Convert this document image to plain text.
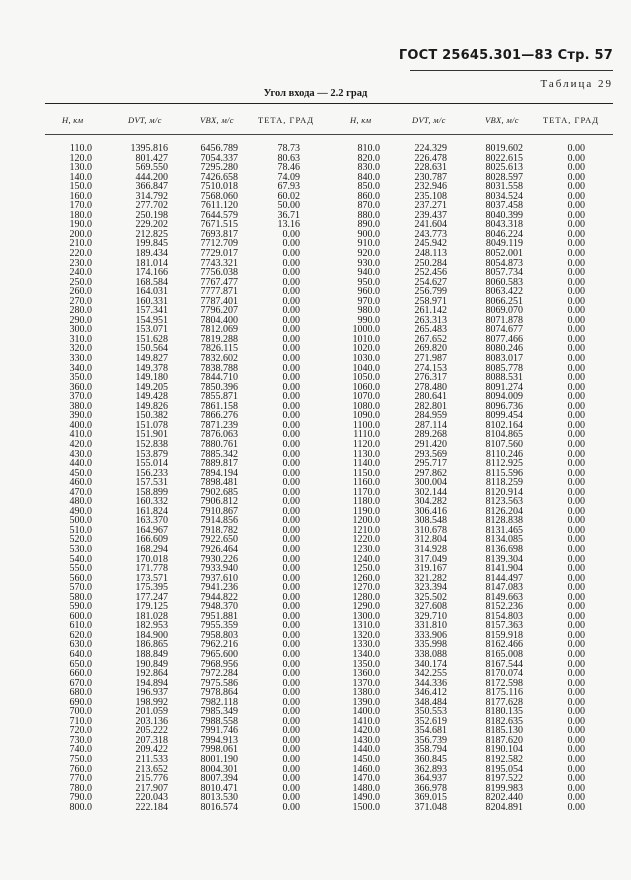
ГОСТ 25645.301—83 Стр. 57
Таблица 29
Угол входа — 2.2 град
H, км	DVT, м/с	VBX, м/с	ТЕТА, ГРАД	H, км	DVT, м/с	VBX, м/с	ТЕТА, ГРАД
110.0	1395.816	6456.789	78.73	810.0	224.329	8019.602	0.00
120.0	801.427	7054.337	80.63	820.0	226.478	8022.615	0.00
130.0	569.550	7295.280	78.46	830.0	228.631	8025.613	0.00
140.0	444.200	7426.658	74.09	840.0	230.787	8028.597	0.00
150.0	366.847	7510.018	67.93	850.0	232.946	8031.558	0.00
160.0	314.792	7568.060	60.02	860.0	235.108	8034.524	0.00
170.0	277.702	7611.120	50.00	870.0	237.271	8037.458	0.00
180.0	250.198	7644.579	36.71	880.0	239.437	8040.399	0.00
190.0	229.202	7671.515	13.16	890.0	241.604	8043.318	0.00
200.0	212.825	7693.817	0.00	900.0	243.773	8046.224	0.00
210.0	199.845	7712.709	0.00	910.0	245.942	8049.119	0.00
220.0	189.434	7729.017	0.00	920.0	248.113	8052.001	0.00
230.0	181.014	7743.321	0.00	930.0	250.284	8054.873	0.00
240.0	174.166	7756.038	0.00	940.0	252.456	8057.734	0.00
250.0	168.584	7767.477	0.00	950.0	254.627	8060.583	0.00
260.0	164.031	7777.871	0.00	960.0	256.799	8063.422	0.00
270.0	160.331	7787.401	0.00	970.0	258.971	8066.251	0.00
280.0	157.341	7796.207	0.00	980.0	261.142	8069.070	0.00
290.0	154.951	7804.400	0.00	990.0	263.313	8071.878	0.00
300.0	153.071	7812.069	0.00	1000.0	265.483	8074.677	0.00
310.0	151.628	7819.288	0.00	1010.0	267.652	8077.466	0.00
320.0	150.564	7826.115	0.00	1020.0	269.820	8080.246	0.00
330.0	149.827	7832.602	0.00	1030.0	271.987	8083.017	0.00
340.0	149.378	7838.788	0.00	1040.0	274.153	8085.778	0.00
350.0	149.180	7844.710	0.00	1050.0	276.317	8088.531	0.00
360.0	149.205	7850.396	0.00	1060.0	278.480	8091.274	0.00
370.0	149.428	7855.871	0.00	1070.0	280.641	8094.009	0.00
380.0	149.826	7861.158	0.00	1080.0	282.801	8096.736	0.00
390.0	150.382	7866.276	0.00	1090.0	284.959	8099.454	0.00
400.0	151.078	7871.239	0.00	1100.0	287.114	8102.164	0.00
410.0	151.901	7876.063	0.00	1110.0	289.268	8104.865	0.00
420.0	152.838	7880.761	0.00	1120.0	291.420	8107.560	0.00
430.0	153.879	7885.342	0.00	1130.0	293.569	8110.246	0.00
440.0	155.014	7889.817	0.00	1140.0	295.717	8112.925	0.00
450.0	156.233	7894.194	0.00	1150.0	297.862	8115.596	0.00
460.0	157.531	7898.481	0.00	1160.0	300.004	8118.259	0.00
470.0	158.899	7902.685	0.00	1170.0	302.144	8120.914	0.00
480.0	160.332	7906.812	0.00	1180.0	304.282	8123.563	0.00
490.0	161.824	7910.867	0.00	1190.0	306.416	8126.204	0.00
500.0	163.370	7914.856	0.00	1200.0	308.548	8128.838	0.00
510.0	164.967	7918.782	0.00	1210.0	310.678	8131.465	0.00
520.0	166.609	7922.650	0.00	1220.0	312.804	8134.085	0.00
530.0	168.294	7926.464	0.00	1230.0	314.928	8136.698	0.00
540.0	170.018	7930.226	0.00	1240.0	317.049	8139.304	0.00
550.0	171.778	7933.940	0.00	1250.0	319.167	8141.904	0.00
560.0	173.571	7937.610	0.00	1260.0	321.282	8144.497	0.00
570.0	175.395	7941.236	0.00	1270.0	323.394	8147.083	0.00
580.0	177.247	7944.822	0.00	1280.0	325.502	8149.663	0.00
590.0	179.125	7948.370	0.00	1290.0	327.608	8152.236	0.00
600.0	181.028	7951.881	0.00	1300.0	329.710	8154.803	0.00
610.0	182.953	7955.359	0.00	1310.0	331.810	8157.363	0.00
620.0	184.900	7958.803	0.00	1320.0	333.906	8159.918	0.00
630.0	186.865	7962.216	0.00	1330.0	335.998	8162.466	0.00
640.0	188.849	7965.600	0.00	1340.0	338.088	8165.008	0.00
650.0	190.849	7968.956	0.00	1350.0	340.174	8167.544	0.00
660.0	192.864	7972.284	0.00	1360.0	342.255	8170.074	0.00
670.0	194.894	7975.586	0.00	1370.0	344.336	8172.598	0.00
680.0	196.937	7978.864	0.00	1380.0	346.412	8175.116	0.00
690.0	198.992	7982.118	0.00	1390.0	348.484	8177.628	0.00
700.0	201.059	7985.349	0.00	1400.0	350.553	8180.135	0.00
710.0	203.136	7988.558	0.00	1410.0	352.619	8182.635	0.00
720.0	205.222	7991.746	0.00	1420.0	354.681	8185.130	0.00
730.0	207.318	7994.913	0.00	1430.0	356.739	8187.620	0.00
740.0	209.422	7998.061	0.00	1440.0	358.794	8190.104	0.00
750.0	211.533	8001.190	0.00	1450.0	360.845	8192.582	0.00
760.0	213.652	8004.301	0.00	1460.0	362.893	8195.054	0.00
770.0	215.776	8007.394	0.00	1470.0	364.937	8197.522	0.00
780.0	217.907	8010.471	0.00	1480.0	366.978	8199.983	0.00
790.0	220.043	8013.530	0.00	1490.0	369.015	8202.440	0.00
800.0	222.184	8016.574	0.00	1500.0	371.048	8204.891	0.00
